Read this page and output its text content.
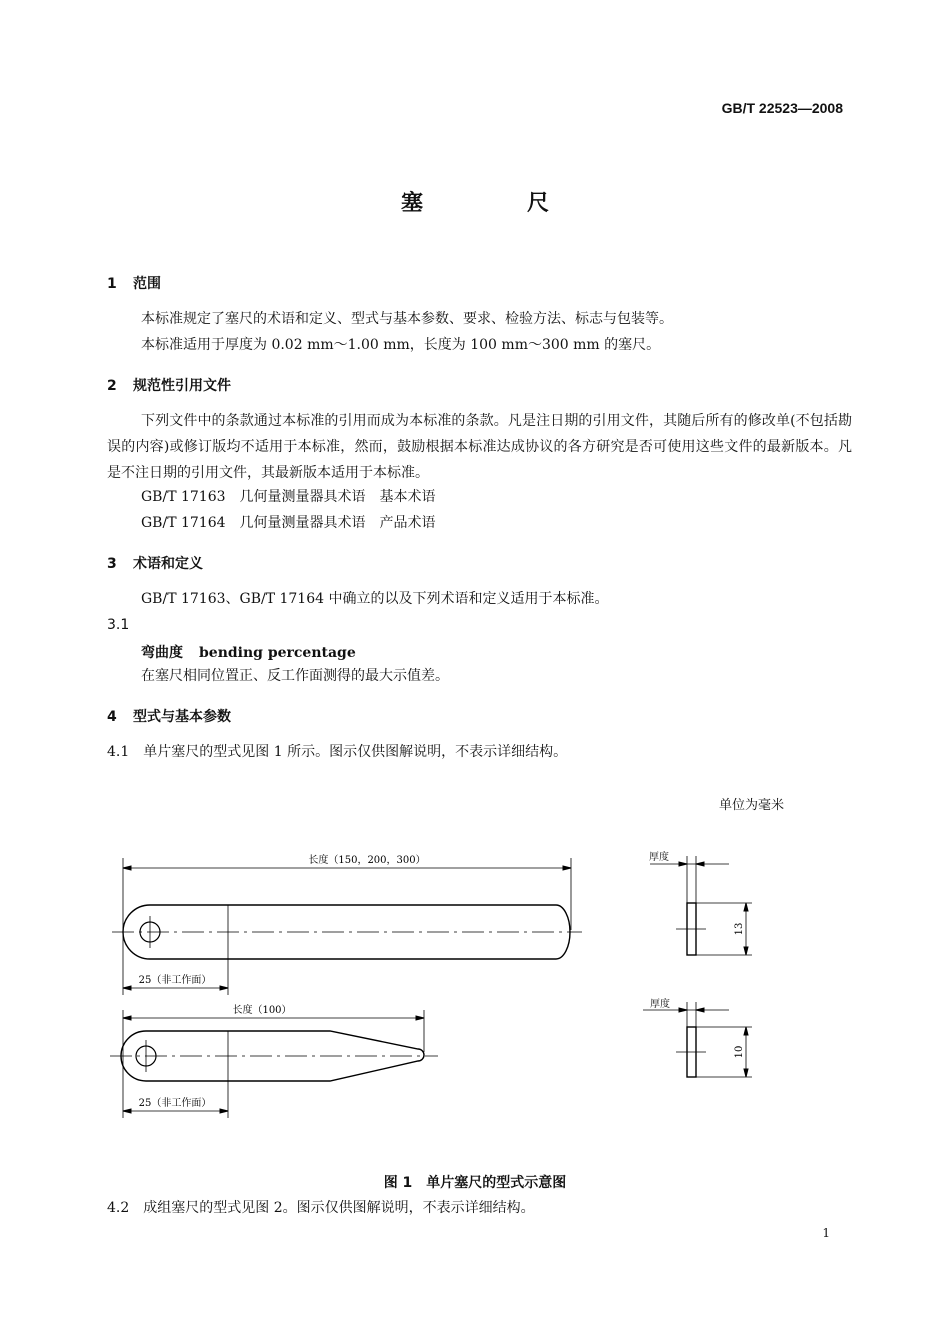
GB/T 22523—2008
塞	尺
1 范围
本标准规定了塞尺的术语和定义、型式与基本参数、要求、检验方法、标志与包装等。
本标准适用于厚度为 0.02 mm～1.00 mm，长度为 100 mm～300 mm 的塞尺。
2 规范性引用文件
下列文件中的条款通过本标准的引用而成为本标准的条款。凡是注日期的引用文件，其随后所有的修改单(不包括勘误的内容)或修订版均不适用于本标准，然而，鼓励根据本标准达成协议的各方研究是否可使用这些文件的最新版本。凡是不注日期的引用文件，其最新版本适用于本标准。
GB/T 17163　 几何量测量器具术语　基本术语
GB/T 17164　 几何量测量器具术语　产品术语
3 术语和定义
GB/T 17163、GB/T 17164 中确立的以及下列术语和定义适用于本标准。
3.1
弯曲度 bending percentage
在塞尺相同位置正、反工作面测得的最大示值差。
4 型式与基本参数
4.1　单片塞尺的型式见图 1 所示。图示仅供图解说明，不表示详细结构。
单位为毫米
长度（150，200，300）
25（非工作面）
长度（100）
25（非工作面）
厚度
厚度
13
10
图 1　单片塞尺的型式示意图
4.2　成组塞尺的型式见图 2。图示仅供图解说明，不表示详细结构。
1
